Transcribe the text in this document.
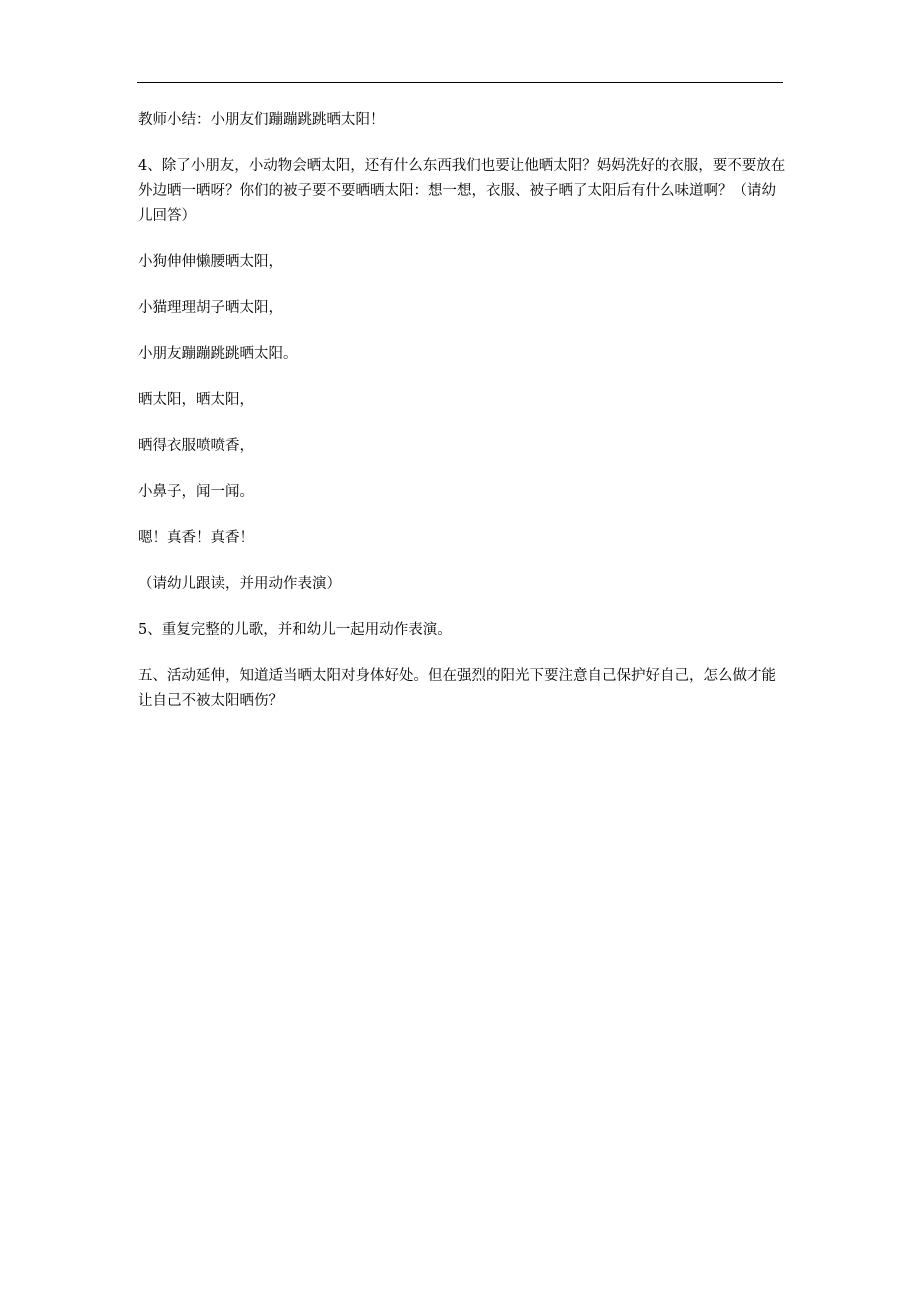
教师小结：小朋友们蹦蹦跳跳晒太阳！

4、除了小朋友，小动物会晒太阳，还有什么东西我们也要让他晒太阳？妈妈洗好的衣服，要不要放在外边晒一晒呀？你们的被子要不要晒晒太阳：想一想，衣服、被子晒了太阳后有什么味道啊？（请幼儿回答）

小狗伸伸懒腰晒太阳，

小猫理理胡子晒太阳，

小朋友蹦蹦跳跳晒太阳。

晒太阳，晒太阳，

晒得衣服喷喷香，

小鼻子，闻一闻。

嗯！真香！真香！

（请幼儿跟读，并用动作表演）

5、重复完整的儿歌，并和幼儿一起用动作表演。

五、活动延伸，知道适当晒太阳对身体好处。但在强烈的阳光下要注意自己保护好自己，怎么做才能让自己不被太阳晒伤？
